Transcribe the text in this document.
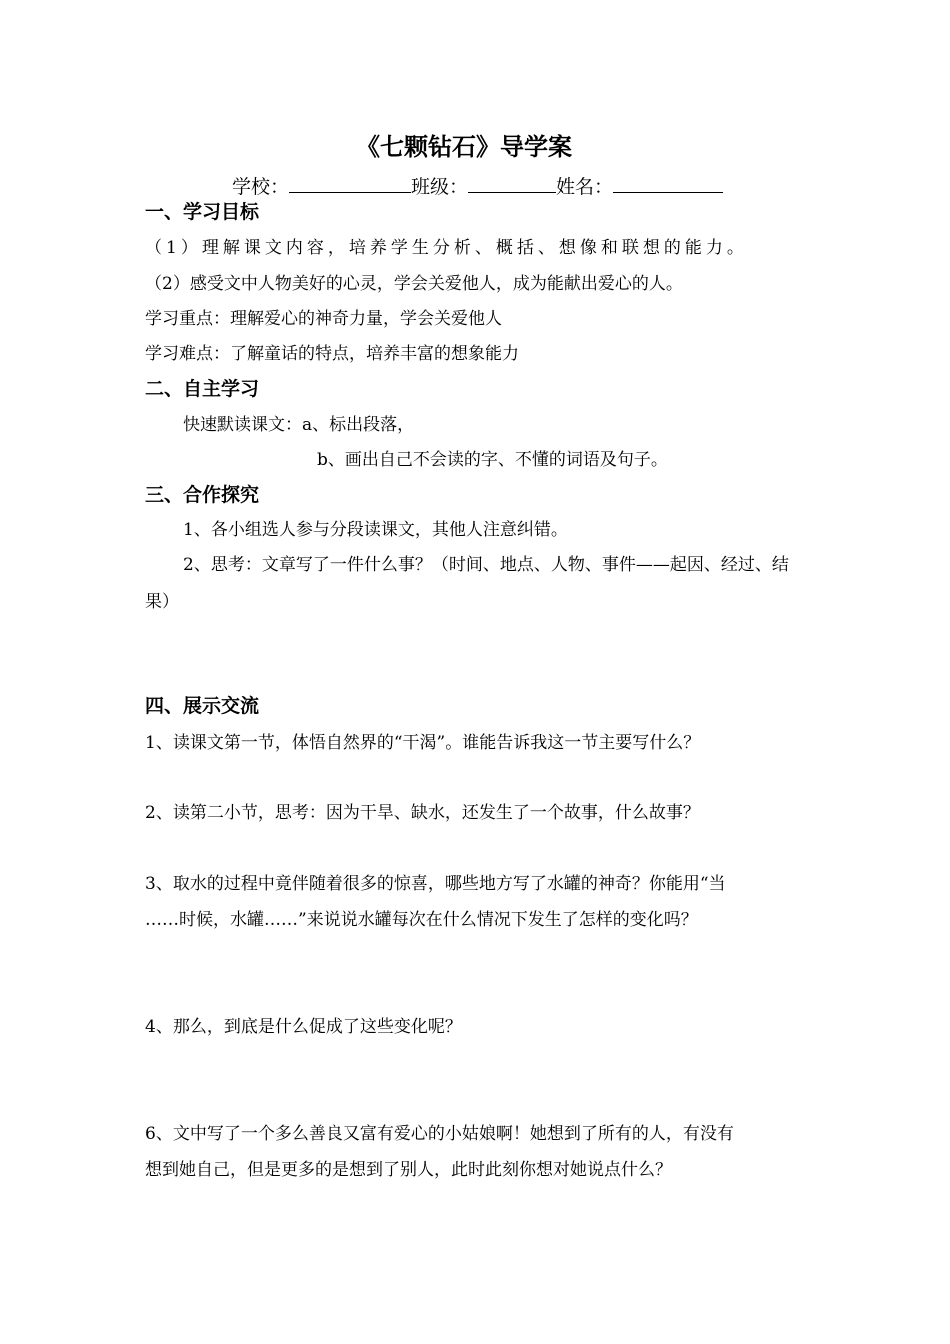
《七颗钻石》导学案
学校：	班级：	姓名：
一、学习目标
（1）理解课文内容，培养学生分析、概括、想像和联想的能力。
（2）感受文中人物美好的心灵，学会关爱他人，成为能献出爱心的人。
学习重点：理解爱心的神奇力量，学会关爱他人
学习难点：了解童话的特点，培养丰富的想象能力
二、自主学习
快速默读课文：a、标出段落，
b、画出自己不会读的字、不懂的词语及句子。
三、合作探究
1、各小组选人参与分段读课文，其他人注意纠错。
2、思考：文章写了一件什么事？（时间、地点、人物、事件——起因、经过、结
果）
四、展示交流
1、读课文第一节，体悟自然界的“干渴”。谁能告诉我这一节主要写什么？
2、读第二小节，思考：因为干旱、缺水，还发生了一个故事，什么故事？
3、取水的过程中竟伴随着很多的惊喜，哪些地方写了水罐的神奇？你能用“当
……时候，水罐……”来说说水罐每次在什么情况下发生了怎样的变化吗？
4、那么，到底是什么促成了这些变化呢？
6、文中写了一个多么善良又富有爱心的小姑娘啊！她想到了所有的人，有没有
想到她自己，但是更多的是想到了别人，此时此刻你想对她说点什么？
